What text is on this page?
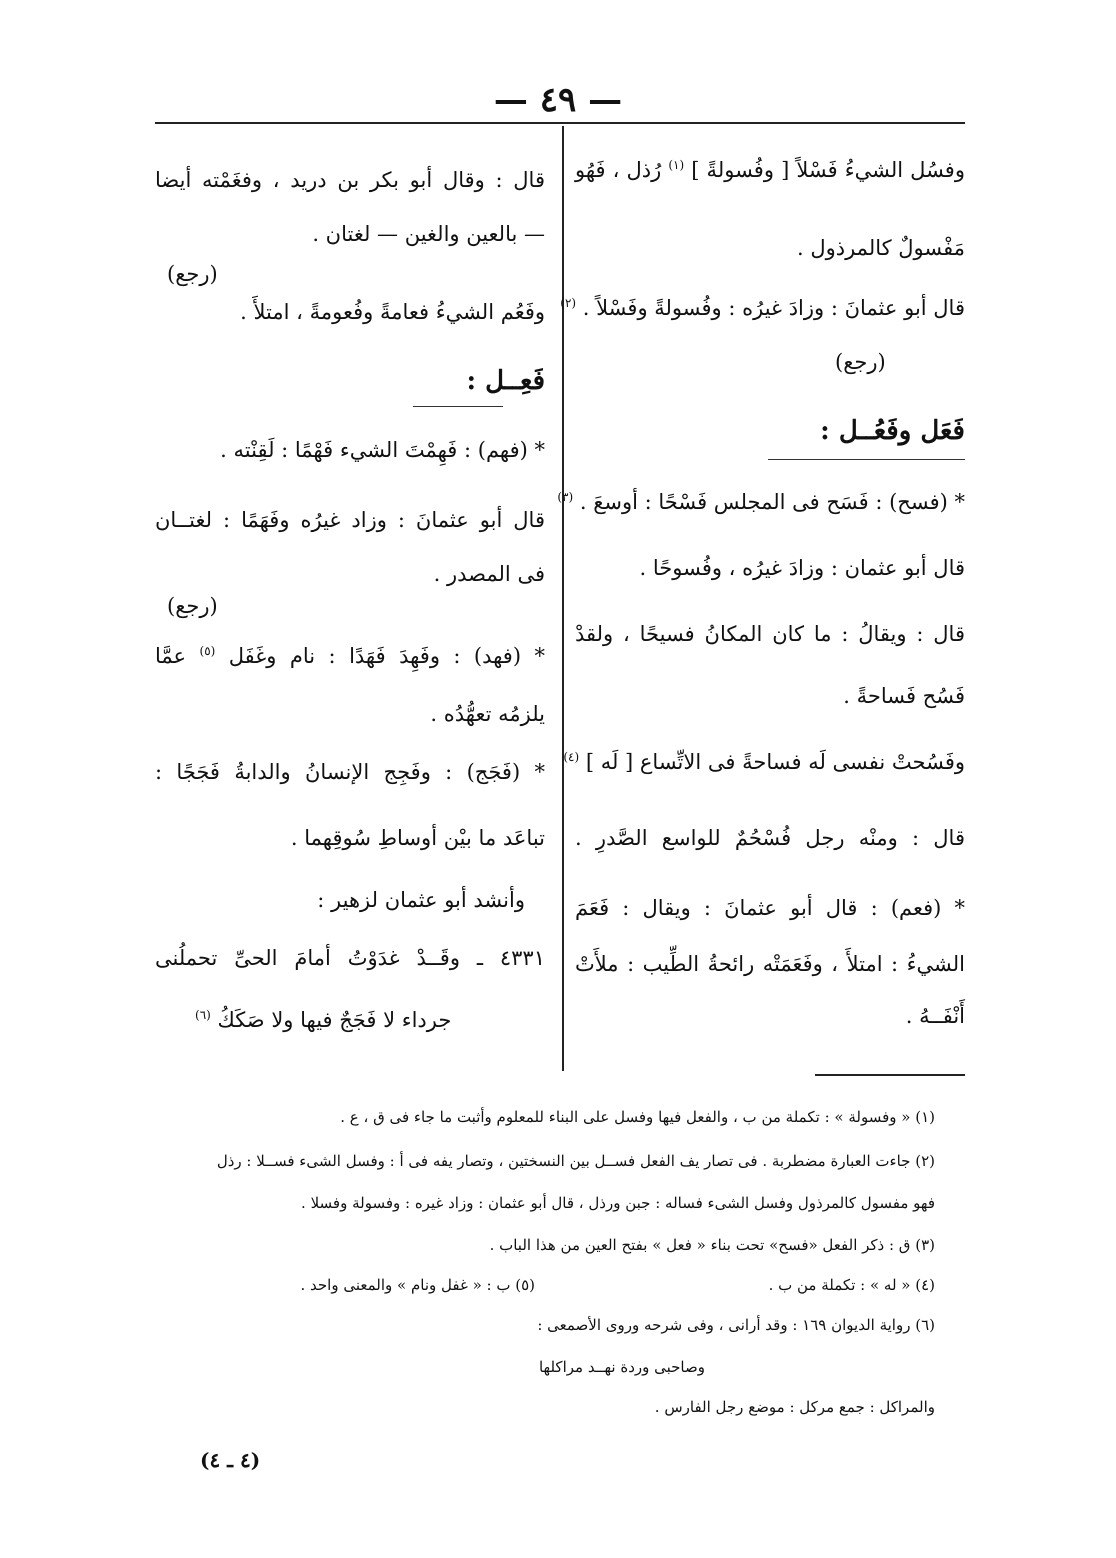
— ٤٩ —
وفسُل الشيءُ فَسْلاً [ وفُسولةً ] $^{(١)}$ رُذل ، فَهُو
مَفْسولٌ كالمرذول .
قال أبو عثمانَ : وزادَ غيرُه : وفُسولةً وفَسْلاً . $^{(٢)}$
(رجع)
فَعَل وفَعُــل :
* (فسح) : فَسَح فى المجلس فَسْحًا : أوسعَ . $^{(٣)}$
قال أبو عثمان : وزادَ غيرُه ، وفُسوحًا .
قال : ويقالُ : ما كان المكانُ فسيحًا ، ولقدْ
فَسُح فَساحةً .
وفَسُحتْ نفسى لَه فساحةً فى الاتِّساع [ لَه ] $^{(٤)}$
قال : ومنْه رجل فُسْحُمٌ للواسع الصَّدرِ .
* (فعم) : قال أبو عثمانَ : ويقال : فَعَمَ
الشيءُ : امتلأَ ، وفَعَمَتْه رائحةُ الطِّيب : ملأَتْ
أَنْفَــهُ .
قال : وقال أبو بكر بن دريد ، وفغَمْته أيضا
— بالعين والغين — لغتان .
(رجع)
وفَعُم الشيءُ فعامةً وفُعومةً ، امتلأَ .
فَعِــل :
* (فهم) : فَهِمْتَ الشيء فَهْمًا : لَقِنْته .
قال أبو عثمانَ : وزاد غيرُه وفَهَمًا : لغتــان
فى المصدر .
(رجع)
* (فهد) : وفَهِدَ فَهَدًا : نام وغَفَل $^{(٥)}$ عمَّا
يلزمُه تعهُّدُه .
* (فَجَج) : وفَجِج الإنسانُ والدابةُ فَجَجًا :
تباعَد ما بيْن أوساطِ سُوقِهما .
وأنشد أبو عثمان لزهير :
٤٣٣١ ـ وقَــدْ غدَوْتُ أمامَ الحىِّ تحملُنى
جرداء لا فَجَجٌ فيها ولا صَكَكُ $^{(٦)}$
(١) « وفسولة » : تكملة من ب ، والفعل فيها وفسل على البناء للمعلوم وأثبت ما جاء فى ق ، ع .
(٢) جاءت العبارة مضطربة . فى تصار يف الفعل فســل بين النسختين ، وتصار يفه فى أ : وفسل الشىء فســلا : رذل
فهو مفسول كالمرذول وفسل الشىء فساله : جبن ورذل ، قال أبو عثمان : وزاد غيره : وفسولة وفسلا .
(٣) ق : ذكر الفعل «فسح» تحت بناء « فعل » بفتح العين من هذا الباب .
(٤) « له » : تكملة من ب .
(٥) ب : « غفل ونام » والمعنى واحد .
(٦) رواية الديوان ١٦٩ : وقد أرانى ، وفى شرحه وروى الأصمعى :
وصاحبى وردة نهــد مراكلها
والمراكل : جمع مركل : موضع رجل الفارس .
(٤ ـ ٤)
